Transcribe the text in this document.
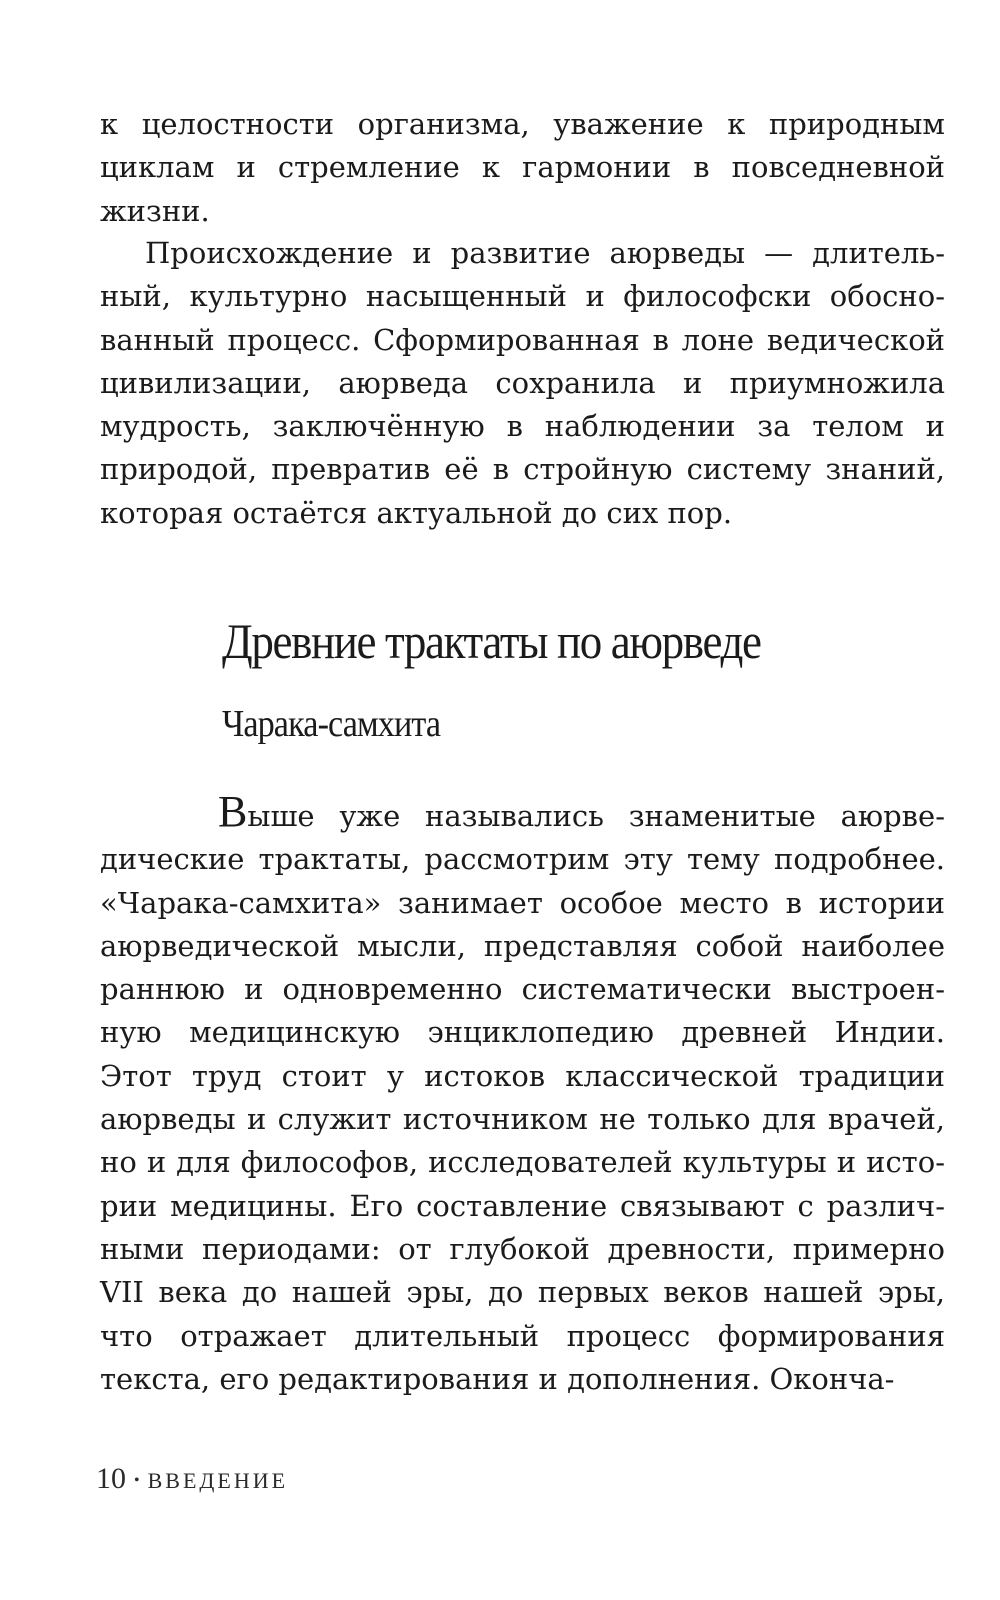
к целостности организма, уважение к природным циклам и стремление к гармонии в повседневной жизни.

Происхождение и развитие аюрведы — длительный, культурно насыщенный и философски обоснованный процесс. Сформированная в лоне ведической цивилизации, аюрведа сохранила и приумножила мудрость, заключённую в наблюдении за телом и природой, превратив её в стройную систему знаний, которая остаётся актуальной до сих пор.

Древние трактаты по аюрведе
Чарака-самхита

Выше уже назывались знаменитые аюрведические трактаты, рассмотрим эту тему подробнее. «Чарака-самхита» занимает особое место в истории аюрведической мысли, представляя собой наиболее раннюю и одновременно систематически выстроенную медицинскую энциклопедию древней Индии. Этот труд стоит у истоков классической традиции аюрведы и служит источником не только для врачей, но и для философов, исследователей культуры и истории медицины. Его составление связывают с различными периодами: от глубокой древности, примерно VII века до нашей эры, до первых веков нашей эры, что отражает длительный процесс формирования текста, его редактирования и дополнения. Оконча-

10 • ВВЕДЕНИЕ
